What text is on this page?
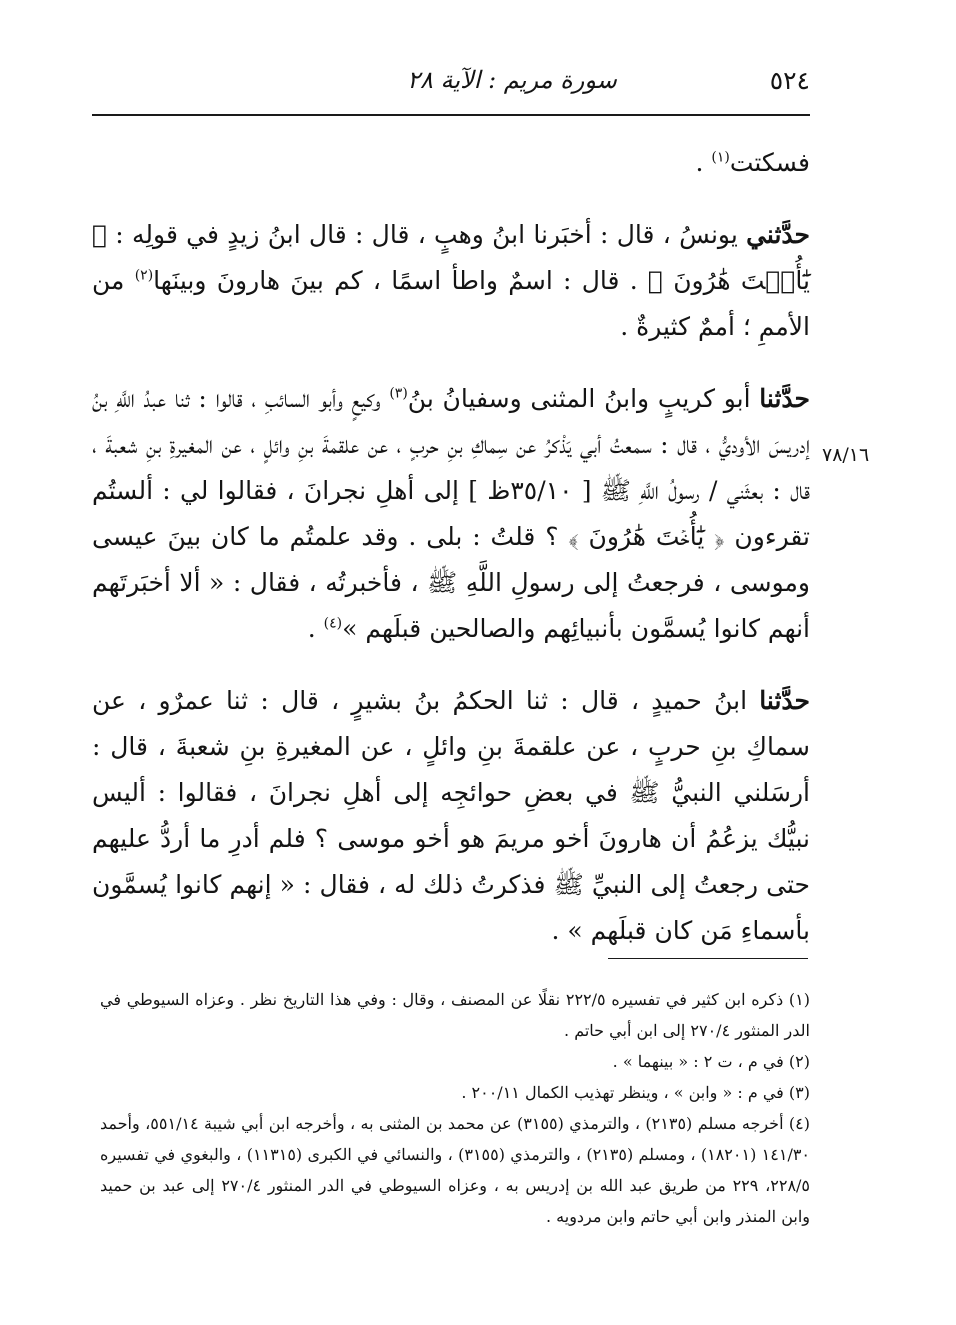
٥٢٤
سورة مريم : الآية ٢٨
٧٨/١٦

فسكتت$^{(١)}$ .

حدَّثني يونسُ ، قال : أخبَرنا ابنُ وهبٍ ، قال : قال ابنُ زيدٍ في قولِه : ﴿ يَٰٓأُخۡتَ هَٰرُونَ ﴾ . قال : اسمٌ واطأ اسمًا ، كم بينَ هارونَ وبينَها$^{(٢)}$ من الأممِ ؛ أممٌ كثيرةٌ .

حدَّثنا أبو كريبٍ وابنُ المثنى وسفيانُ بنُ$^{(٣)}$ وكيعٍ وأبو السائبِ ، قالوا : ثنا عبدُ اللَّهِ بنُ إدريسَ الأوديُّ ، قال : سمعتُ أبي يَذْكرُ عن سِماكِ بنِ حربٍ ، عن علقمةَ بنِ وائلٍ ، عن المغيرةِ بنِ شعبةَ ، قال : بعثَني / رسولُ اللَّهِ ﷺ [ ٣٥/١٠ظ ] إلى أهلِ نجرانَ ، فقالوا لي : ألستُم تقرءون ﴿ يَٰٓأُخۡتَ هَٰرُونَ ﴾ ؟ قلتُ : بلى . وقد علمتُم ما كان بينَ عيسى وموسى ، فرجعتُ إلى رسولِ اللَّهِ ﷺ ، فأخبرتُه ، فقال : « ألا أخبَرتَهم أنهم كانوا يُسمَّون بأنبيائِهم والصالحين قبلَهم »$^{(٤)}$ .

حدَّثنا ابنُ حميدٍ ، قال : ثنا الحكمُ بنُ بشيرٍ ، قال : ثنا عمرٌو ، عن سماكِ بنِ حربٍ ، عن علقمةَ بنِ وائلٍ ، عن المغيرةِ بنِ شعبةَ ، قال : أرسَلني النبيُّ ﷺ في بعضِ حوائجِه إلى أهلِ نجرانَ ، فقالوا : أليس نبيُّك يزعُمُ أن هارونَ أخو مريمَ هو أخو موسى ؟ فلم أدرِ ما أردُّ عليهم حتى رجعتُ إلى النبيِّ ﷺ فذكرتُ ذلك له ، فقال : « إنهم كانوا يُسمَّون بأسماءِ مَن كان قبلَهم » .

(١) ذكره ابن كثير في تفسيره ٢٢٢/٥ نقلًا عن المصنف ، وقال : وفي هذا التاريخ نظر . وعزاه السيوطي في الدر المنثور ٢٧٠/٤ إلى ابن أبي حاتم .

(٢) في م ، ت ٢ : « بينهما » .

(٣) في م : « وابن » ، وينظر تهذيب الكمال ٢٠٠/١١ .

(٤) أخرجه مسلم (٢١٣٥) ، والترمذي (٣١٥٥) عن محمد بن المثنى به ، وأخرجه ابن أبي شيبة ٥٥١/١٤، وأحمد ١٤١/٣٠ (١٨٢٠١) ، ومسلم (٢١٣٥) ، والترمذي (٣١٥٥) ، والنسائي في الكبرى (١١٣١٥) ، والبغوي في تفسيره ٢٢٨/٥، ٢٢٩ من طريق عبد الله بن إدريس به ، وعزاه السيوطي في الدر المنثور ٢٧٠/٤ إلى عبد بن حميد وابن المنذر وابن أبي حاتم وابن مردويه .
